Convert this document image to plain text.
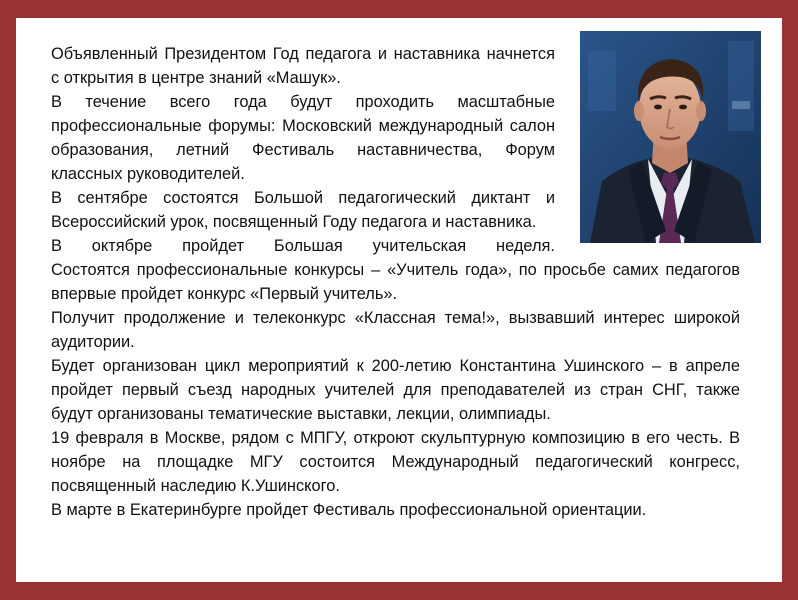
Объявленный Президентом Год педагога и наставника начнется с открытия в центре знаний «Машук».

В течение всего года будут проходить масштабные профессиональные форумы: Московский международный салон образования, летний Фестиваль наставничества, Форум классных руководителей.

В сентябре состоятся Большой педагогический диктант и Всероссийский урок, посвященный Году педагога и наставника.

В октябре пройдет Большая учительская неделя.

Состоятся профессиональные конкурсы – «Учитель года», по просьбе самих педагогов впервые пройдет конкурс «Первый учитель».

Получит продолжение и телеконкурс «Классная тема!», вызвавший интерес широкой аудитории.

Будет организован цикл мероприятий к 200-летию Константина Ушинского – в апреле пройдет первый съезд народных учителей для преподавателей из стран СНГ, также будут организованы тематические выставки, лекции, олимпиады.

19 февраля в Москве, рядом с МПГУ, откроют скульптурную композицию в его честь. В ноябре на площадке МГУ состоится Международный педагогический конгресс, посвященный наследию К.Ушинского.

В марте в Екатеринбурге пройдет Фестиваль профессиональной ориентации.
